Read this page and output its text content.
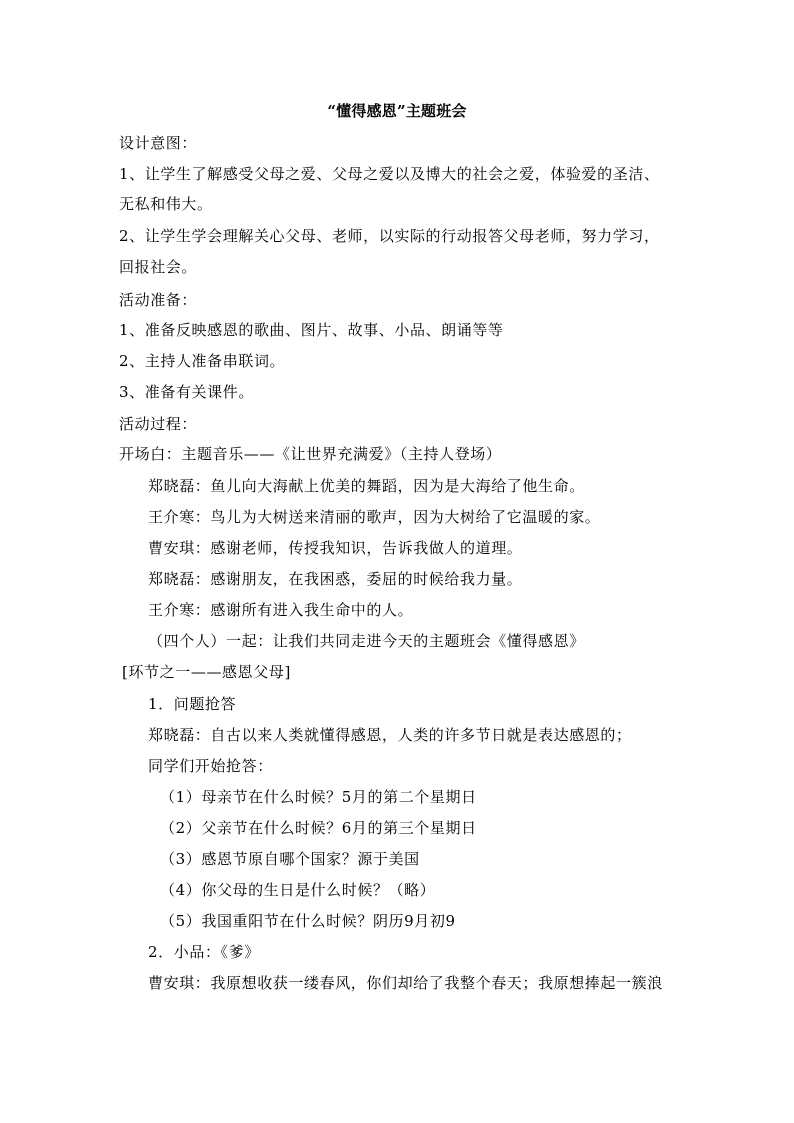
“懂得感恩”主题班会
设计意图：
1、让学生了解感受父母之爱、父母之爱以及博大的社会之爱，体验爱的圣洁、
无私和伟大。
2、让学生学会理解关心父母、老师，以实际的行动报答父母老师，努力学习，
回报社会。
活动准备：
1、准备反映感恩的歌曲、图片、故事、小品、朗诵等等
2、主持人准备串联词。
3、准备有关课件。
活动过程：
开场白：主题音乐——《让世界充满爱》（主持人登场）
郑晓磊：鱼儿向大海献上优美的舞蹈，因为是大海给了他生命。
王介寒：鸟儿为大树送来清丽的歌声，因为大树给了它温暖的家。
曹安琪：感谢老师，传授我知识，告诉我做人的道理。
郑晓磊：感谢朋友，在我困惑，委屈的时候给我力量。
王介寒：感谢所有进入我生命中的人。
（四个人）一起：让我们共同走进今天的主题班会《懂得感恩》
[环节之一——感恩父母]
1．问题抢答
郑晓磊：自古以来人类就懂得感恩，人类的许多节日就是表达感恩的；
同学们开始抢答：
（1）母亲节在什么时候？5月的第二个星期日
（2）父亲节在什么时候？6月的第三个星期日
（3）感恩节原自哪个国家？源于美国
（4）你父母的生日是什么时候？（略）
（5）我国重阳节在什么时候？阴历9月初9
2．小品：《爹》
曹安琪：我原想收获一缕春风，你们却给了我整个春天；我原想捧起一簇浪
